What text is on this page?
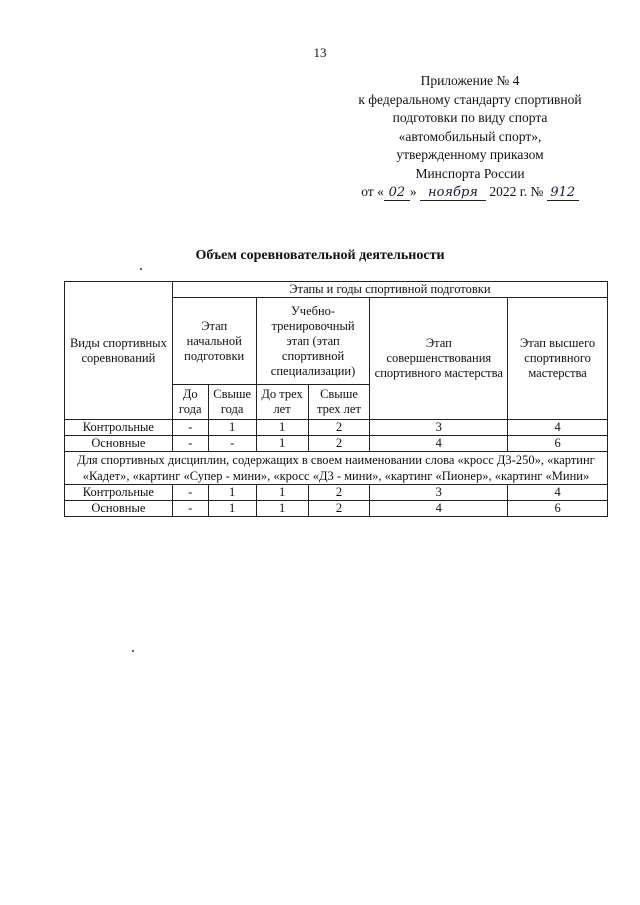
13
Приложение № 4
к федеральному стандарту спортивной
подготовки по виду спорта
«автомобильный спорт»,
утвержденному приказом
Минспорта России
от « 02 » ноября 2022 г. № 912
Объем соревновательной деятельности
Виды спортивных соревнований	Этапы и годы спортивной подготовки					
	Этап начальной подготовки		Учебно-тренировочный этап (этап спортивной специализации)		Этап совершенствования спортивного мастерства	Этап высшего спортивного мастерства
	До года	Свыше года	До трех лет	Свыше трех лет		
Контрольные	-	1	1	2	3	4
Основные	-	-	1	2	4	6
Для спортивных дисциплин, содержащих в своем наименовании слова «кросс Д3-250», «картинг «Кадет», «картинг «Супер - мини», «кросс «Д3 - мини», «картинг «Пионер», «картинг «Мини»						
Контрольные	-	1	1	2	3	4
Основные	-	1	1	2	4	6
